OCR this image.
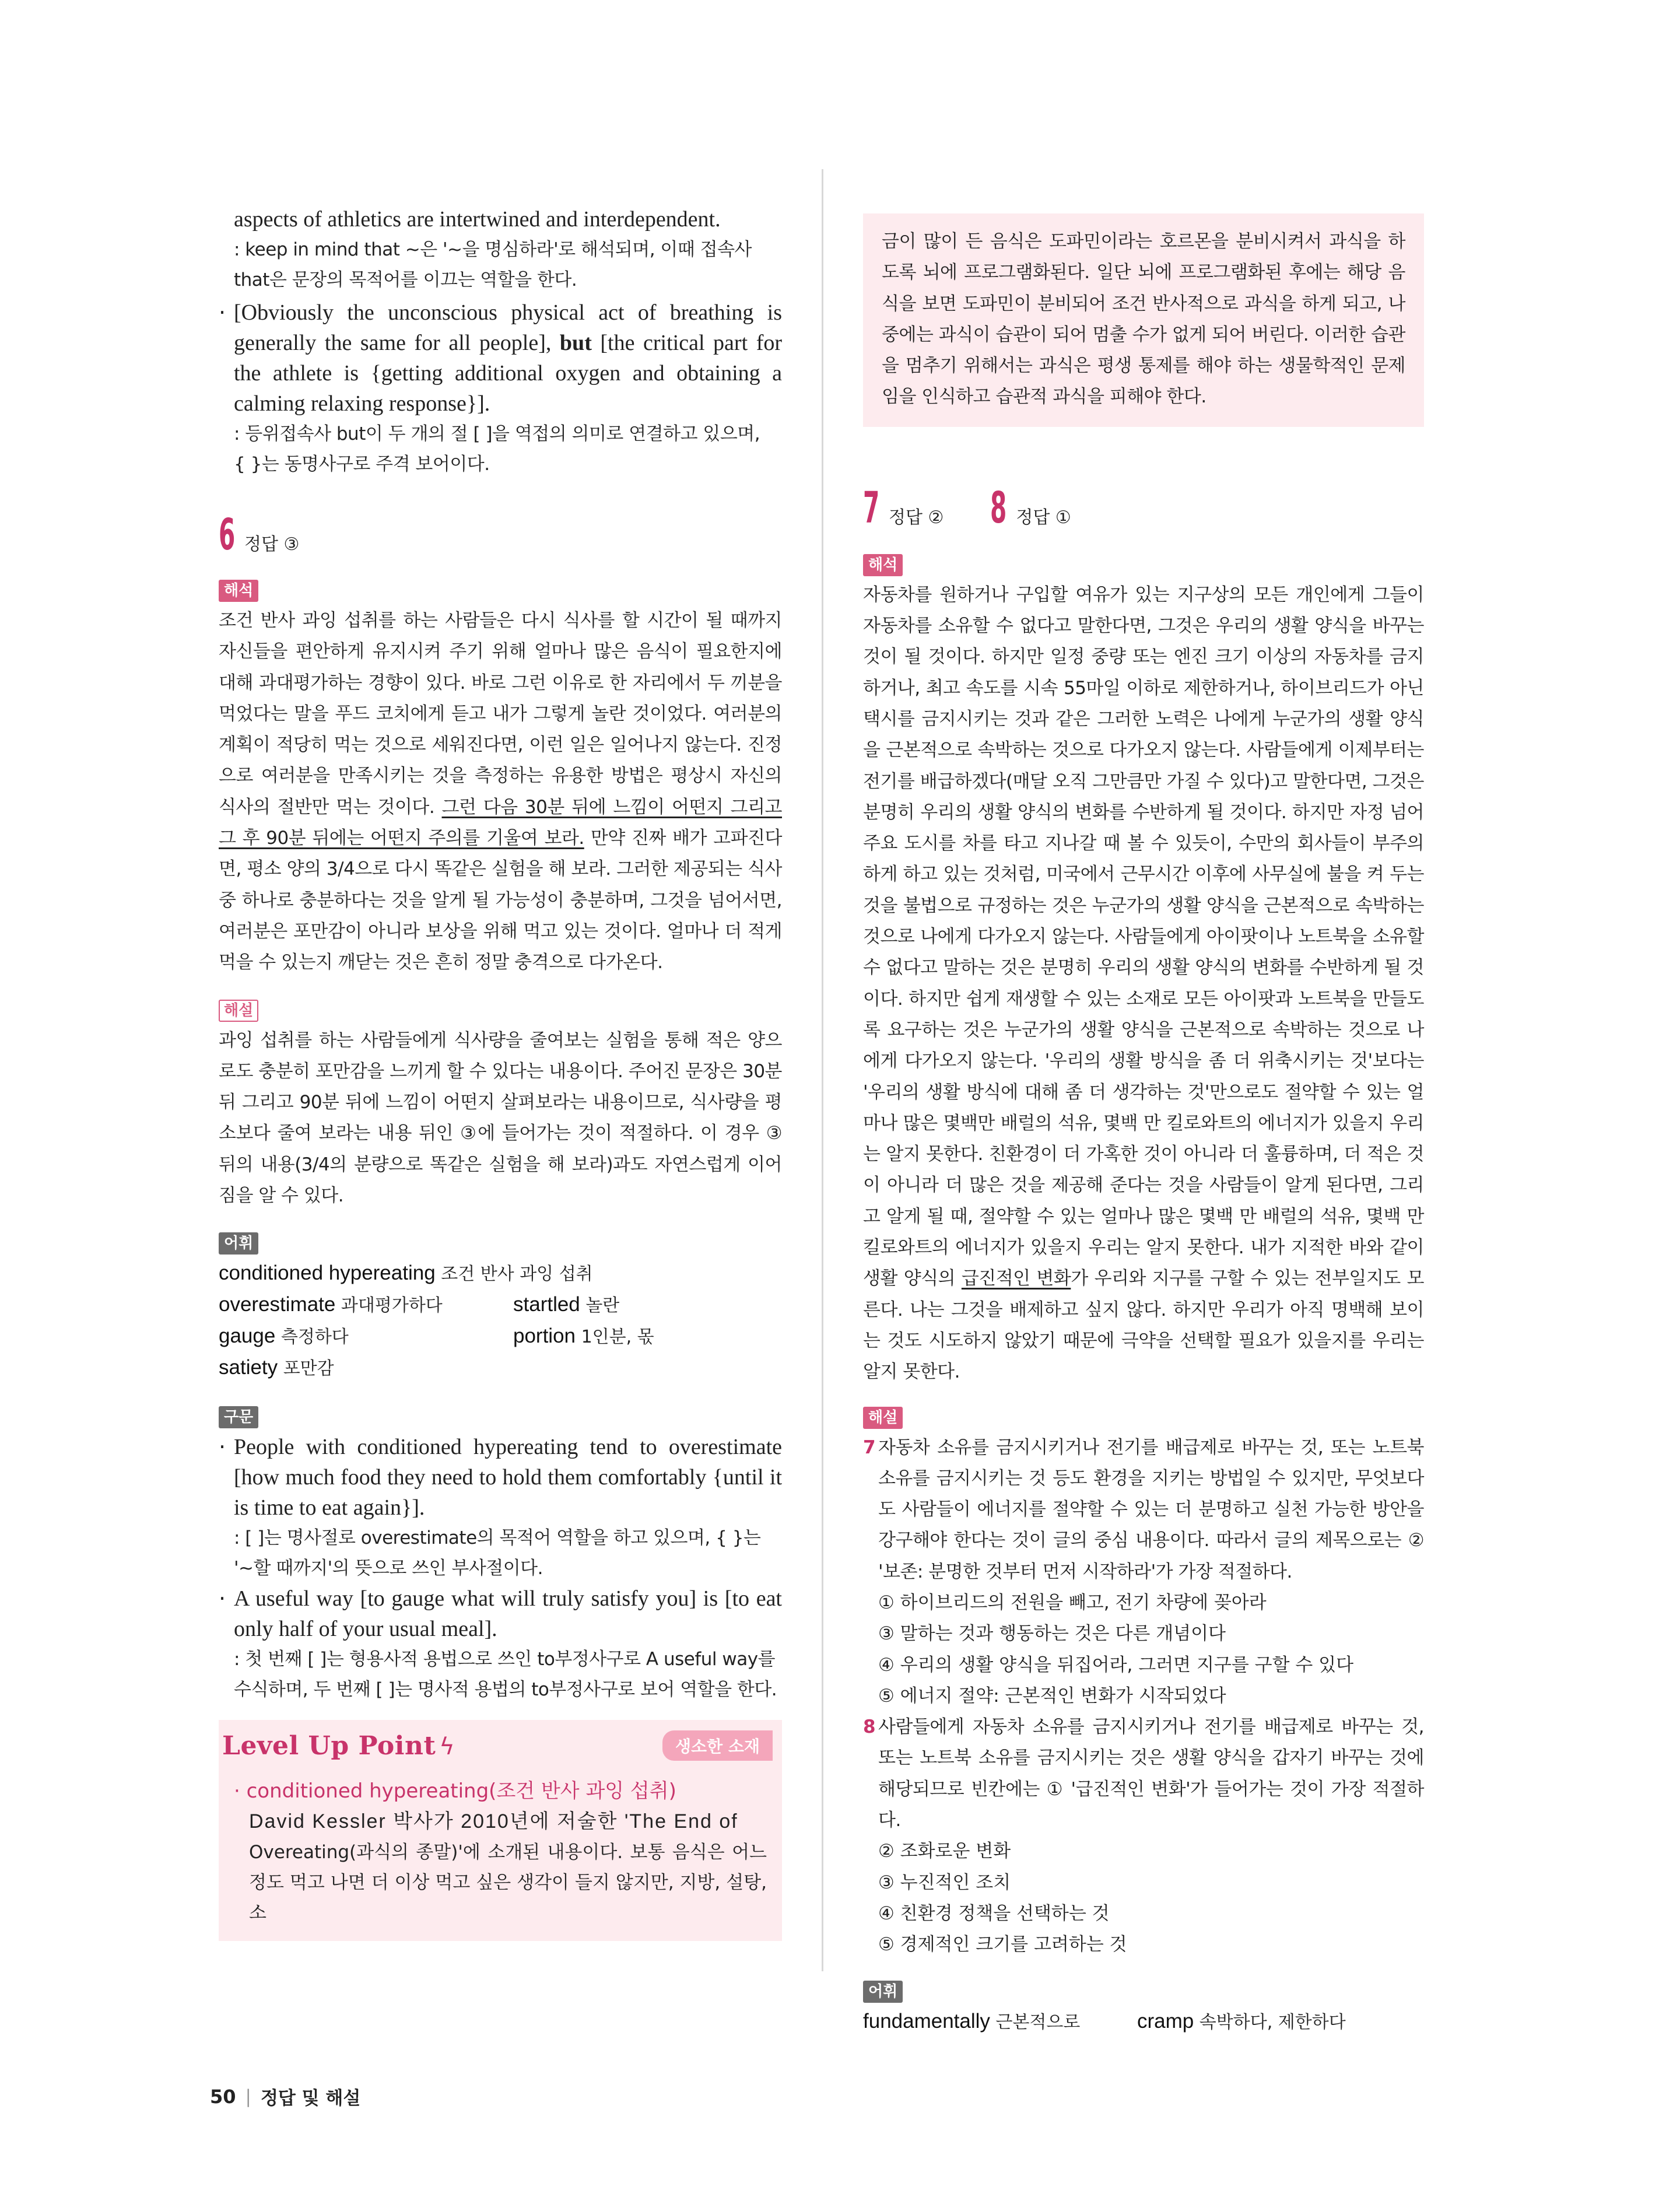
aspects of athletics are intertwined and interdependent.

: keep in mind that ~은 '~을 명심하라'로 해석되며, 이때 접속사

that은 문장의 목적어를 이끄는 역할을 한다.

· [Obviously the unconscious physical act of breathing is generally the same for all people], but [the critical part for the athlete is {getting additional oxygen and obtaining a calming relaxing response}].

: 등위접속사 but이 두 개의 절 [ ]을 역접의 의미로 연결하고 있으며,

{ }는 동명사구로 주격 보어이다.

6 정답 ③
해석

조건 반사 과잉 섭취를 하는 사람들은 다시 식사를 할 시간이 될 때까지 자신들을 편안하게 유지시켜 주기 위해 얼마나 많은 음식이 필요한지에 대해 과대평가하는 경향이 있다. 바로 그런 이유로 한 자리에서 두 끼분을 먹었다는 말을 푸드 코치에게 듣고 내가 그렇게 놀란 것이었다. 여러분의 계획이 적당히 먹는 것으로 세워진다면, 이런 일은 일어나지 않는다. 진정으로 여러분을 만족시키는 것을 측정하는 유용한 방법은 평상시 자신의 식사의 절반만 먹는 것이다. 그런 다음 30분 뒤에 느낌이 어떤지 그리고 그 후 90분 뒤에는 어떤지 주의를 기울여 보라. 만약 진짜 배가 고파진다면, 평소 양의 3/4으로 다시 똑같은 실험을 해 보라. 그러한 제공되는 식사 중 하나로 충분하다는 것을 알게 될 가능성이 충분하며, 그것을 넘어서면, 여러분은 포만감이 아니라 보상을 위해 먹고 있는 것이다. 얼마나 더 적게 먹을 수 있는지 깨닫는 것은 흔히 정말 충격으로 다가온다.

해설

과잉 섭취를 하는 사람들에게 식사량을 줄여보는 실험을 통해 적은 양으로도 충분히 포만감을 느끼게 할 수 있다는 내용이다. 주어진 문장은 30분 뒤 그리고 90분 뒤에 느낌이 어떤지 살펴보라는 내용이므로, 식사량을 평소보다 줄여 보라는 내용 뒤인 ③에 들어가는 것이 적절하다. 이 경우 ③ 뒤의 내용(3/4의 분량으로 똑같은 실험을 해 보라)과도 자연스럽게 이어짐을 알 수 있다.

어휘

conditioned hypereating 조건 반사 과잉 섭취

overestimate 과대평가하다	startled 놀란

gauge 측정하다	portion 1인분, 몫

satiety 포만감

구문

· People with conditioned hypereating tend to overestimate [how much food they need to hold them comfortably {until it is time to eat again}].

: [ ]는 명사절로 overestimate의 목적어 역할을 하고 있으며, { }는

'~할 때까지'의 뜻으로 쓰인 부사절이다.

· A useful way [to gauge what will truly satisfy you] is [to eat only half of your usual meal].

: 첫 번째 [ ]는 형용사적 용법으로 쓰인 to부정사구로 A useful way를

수식하며, 두 번째 [ ]는 명사적 용법의 to부정사구로 보어 역할을 한다.

Level Up Point ϟ	생소한 소재

· conditioned hypereating(조건 반사 과잉 섭취)

David Kessler 박사가 2010년에 저술한 'The End of

Overeating(과식의 종말)'에 소개된 내용이다. 보통 음식은 어느 정도 먹고 나면 더 이상 먹고 싶은 생각이 들지 않지만, 지방, 설탕, 소

금이 많이 든 음식은 도파민이라는 호르몬을 분비시켜서 과식을 하도록 뇌에 프로그램화된다. 일단 뇌에 프로그램화된 후에는 해당 음식을 보면 도파민이 분비되어 조건 반사적으로 과식을 하게 되고, 나중에는 과식이 습관이 되어 멈출 수가 없게 되어 버린다. 이러한 습관을 멈추기 위해서는 과식은 평생 통제를 해야 하는 생물학적인 문제임을 인식하고 습관적 과식을 피해야 한다.

7 정답 ② 8 정답 ①
해석

자동차를 원하거나 구입할 여유가 있는 지구상의 모든 개인에게 그들이 자동차를 소유할 수 없다고 말한다면, 그것은 우리의 생활 양식을 바꾸는 것이 될 것이다. 하지만 일정 중량 또는 엔진 크기 이상의 자동차를 금지하거나, 최고 속도를 시속 55마일 이하로 제한하거나, 하이브리드가 아닌 택시를 금지시키는 것과 같은 그러한 노력은 나에게 누군가의 생활 양식을 근본적으로 속박하는 것으로 다가오지 않는다. 사람들에게 이제부터는 전기를 배급하겠다(매달 오직 그만큼만 가질 수 있다)고 말한다면, 그것은 분명히 우리의 생활 양식의 변화를 수반하게 될 것이다. 하지만 자정 넘어 주요 도시를 차를 타고 지나갈 때 볼 수 있듯이, 수만의 회사들이 부주의하게 하고 있는 것처럼, 미국에서 근무시간 이후에 사무실에 불을 켜 두는 것을 불법으로 규정하는 것은 누군가의 생활 양식을 근본적으로 속박하는 것으로 나에게 다가오지 않는다. 사람들에게 아이팟이나 노트북을 소유할 수 없다고 말하는 것은 분명히 우리의 생활 양식의 변화를 수반하게 될 것이다. 하지만 쉽게 재생할 수 있는 소재로 모든 아이팟과 노트북을 만들도록 요구하는 것은 누군가의 생활 양식을 근본적으로 속박하는 것으로 나에게 다가오지 않는다. '우리의 생활 방식을 좀 더 위축시키는 것'보다는 '우리의 생활 방식에 대해 좀 더 생각하는 것'만으로도 절약할 수 있는 얼마나 많은 몇백만 배럴의 석유, 몇백 만 킬로와트의 에너지가 있을지 우리는 알지 못한다. 친환경이 더 가혹한 것이 아니라 더 훌륭하며, 더 적은 것이 아니라 더 많은 것을 제공해 준다는 것을 사람들이 알게 된다면, 그리고 알게 될 때, 절약할 수 있는 얼마나 많은 몇백 만 배럴의 석유, 몇백 만 킬로와트의 에너지가 있을지 우리는 알지 못한다. 내가 지적한 바와 같이 생활 양식의 급진적인 변화가 우리와 지구를 구할 수 있는 전부일지도 모른다. 나는 그것을 배제하고 싶지 않다. 하지만 우리가 아직 명백해 보이는 것도 시도하지 않았기 때문에 극약을 선택할 필요가 있을지를 우리는 알지 못한다.

해설
7 자동차 소유를 금지시키거나 전기를 배급제로 바꾸는 것, 또는 노트북 소유를 금지시키는 것 등도 환경을 지키는 방법일 수 있지만, 무엇보다도 사람들이 에너지를 절약할 수 있는 더 분명하고 실천 가능한 방안을 강구해야 한다는 것이 글의 중심 내용이다. 따라서 글의 제목으로는 ② '보존: 분명한 것부터 먼저 시작하라'가 가장 적절하다.

① 하이브리드의 전원을 빼고, 전기 차량에 꽂아라

③ 말하는 것과 행동하는 것은 다른 개념이다

④ 우리의 생활 양식을 뒤집어라, 그러면 지구를 구할 수 있다

⑤ 에너지 절약: 근본적인 변화가 시작되었다

8 사람들에게 자동차 소유를 금지시키거나 전기를 배급제로 바꾸는 것, 또는 노트북 소유를 금지시키는 것은 생활 양식을 갑자기 바꾸는 것에 해당되므로 빈칸에는 ① '급진적인 변화'가 들어가는 것이 가장 적절하다.

② 조화로운 변화

③ 누진적인 조치

④ 친환경 정책을 선택하는 것

⑤ 경제적인 크기를 고려하는 것

어휘

fundamentally 근본적으로	cramp 속박하다, 제한하다

50 | 정답 및 해설
